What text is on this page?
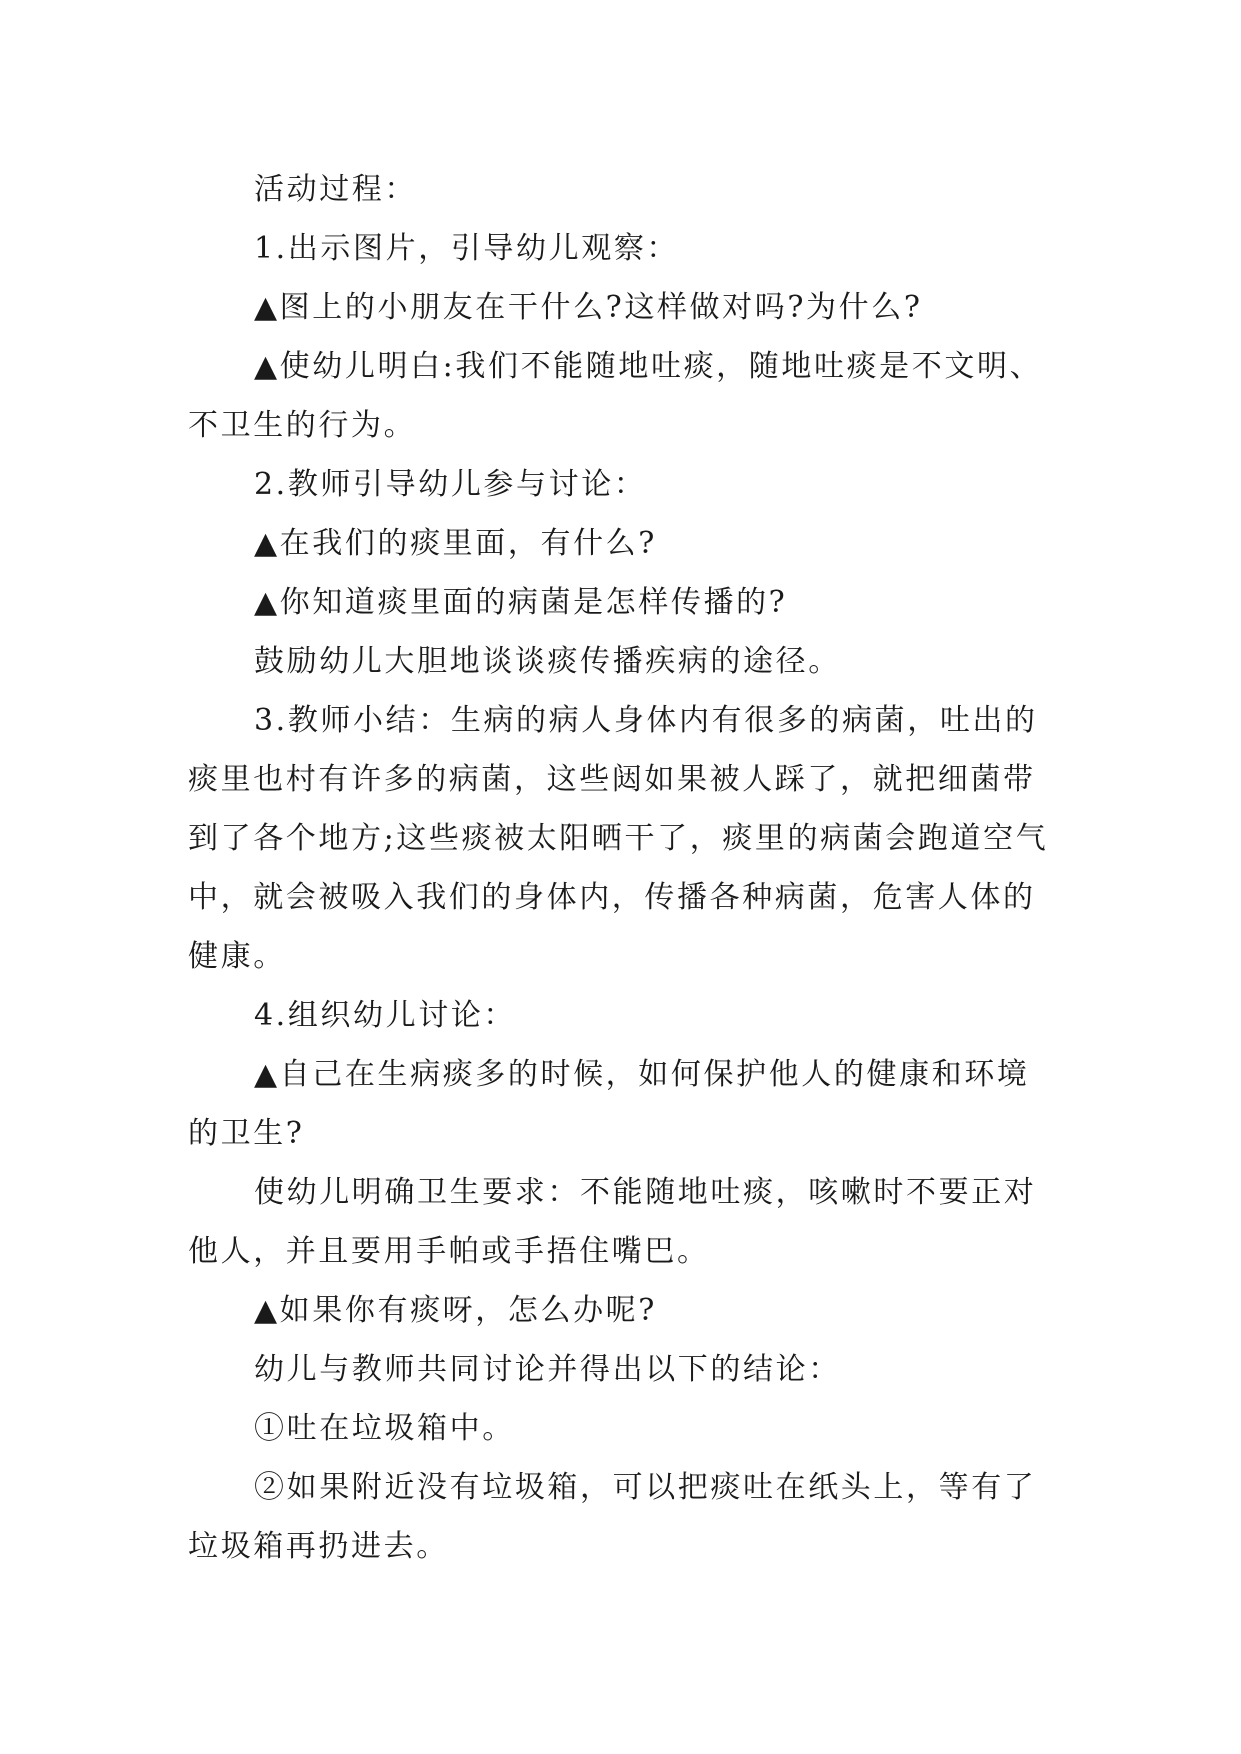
活动过程：

1.出示图片，引导幼儿观察：

▲图上的小朋友在干什么?这样做对吗?为什么?

▲使幼儿明白:我们不能随地吐痰，随地吐痰是不文明、不卫生的行为。

2.教师引导幼儿参与讨论：

▲在我们的痰里面，有什么?

▲你知道痰里面的病菌是怎样传播的?

鼓励幼儿大胆地谈谈痰传播疾病的途径。

3.教师小结：生病的病人身体内有很多的病菌，吐出的痰里也村有许多的病菌，这些闼如果被人踩了，就把细菌带到了各个地方;这些痰被太阳晒干了，痰里的病菌会跑道空气中，就会被吸入我们的身体内，传播各种病菌，危害人体的健康。

4.组织幼儿讨论：

▲自己在生病痰多的时候，如何保护他人的健康和环境的卫生?

使幼儿明确卫生要求：不能随地吐痰，咳嗽时不要正对他人，并且要用手帕或手捂住嘴巴。

▲如果你有痰呀，怎么办呢?

幼儿与教师共同讨论并得出以下的结论：

①吐在垃圾箱中。

②如果附近没有垃圾箱，可以把痰吐在纸头上，等有了垃圾箱再扔进去。
